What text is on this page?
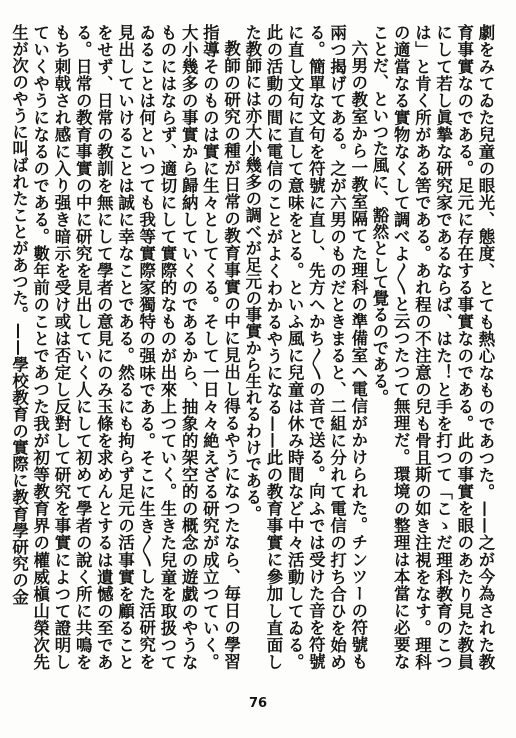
劇をみてゐた兒童の眼光、態度、とても熱心なものであつた。——之が今為された教育事實なのである。足元に存在する事實なのである。此の事實を眼のあたり見た教員にして若し眞摯な研究家であるならば、はた！と手を打つて「こゝだ理科教育のこつは」と肯く所がある筈である。あれ程の不注意の兒も骨且斯の如き注視をなす。理科の適當なる實物なくして調べよ〳〵と云つたつて無理だ。環境の整理は本當に必要なことだ、といつた風に、豁然として覺るのである。

六男の教室から一教室隔てた理科の準備室へ電信がかけられた。チンツーの符號も兩つ揭げてある。之が六男のものだときまると、二組に分れて電信の打ち合ひを始める。簡單な文句を符號に直し、先方へかち〳〵の音で送る。向ふでは受けた音を符號に直し文句に直して意味をとる。といふ風に兒童は休み時間など中々活動してゐる。此の活動の間に電信のことがよくわかるやうになる——此の教育事實に參加し直面した教師には亦大小幾多の調べが足元の事實から生れるわけである。

教師の研究の種が日常の教育事實の中に見出し得るやうになつたなら、毎日の學習指導そのものは實に生々としてくる。そして一日々々絶えざる研究が成立つていく。大小幾多の事實から歸納していくのであるから、抽象的架空的の概念の遊戯のやうなものにはならず、適切にして實際的なものが出來上つていく。生きた兒童を取扱つてゐることは何といつても我等實際家獨特の强味である。そこに生き〳〵した活研究を見出していけることは誠に幸なことである。然るにも拘らず足元の活事實を顧ることをせず、日常の教訓を無にして學者の意見にのみ玉條を求めんとするは遺憾の至である。日常の教育事實の中に研究を見出していく人にして初めて學者の說く所に共鳴をもち刺戟され感に入り强き暗示を受け或は否定し反對して研究を事實によつて證明していくやうになるのである。數年前のことであつた我が初等教育界の權威槇山榮次先生が次のやうに叫ばれたことがあつた。——學校教育の實際に教育學研究の金

76
